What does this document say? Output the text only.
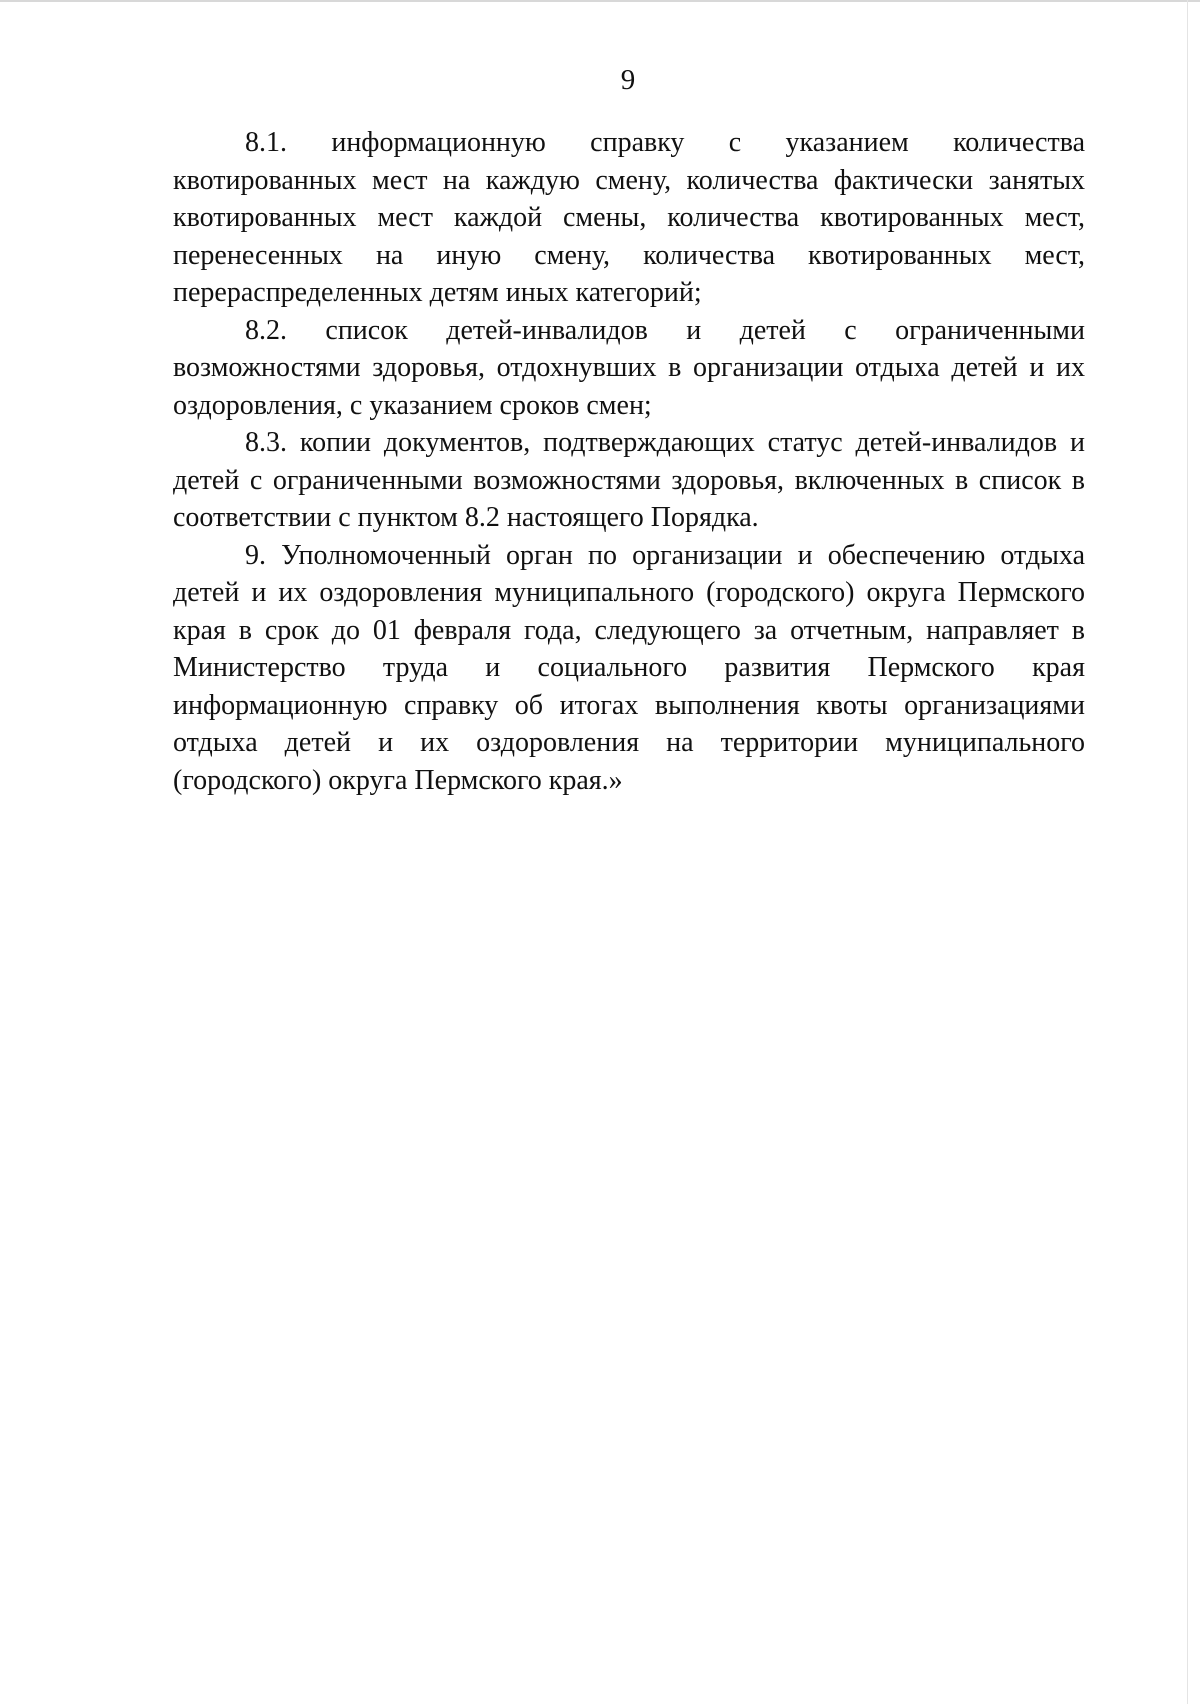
9

8.1. информационную справку с указанием количества квотированных мест на каждую смену, количества фактически занятых квотированных мест каждой смены, количества квотированных мест, перенесенных на иную смену, количества квотированных мест, перераспределенных детям иных категорий;

8.2. список детей-инвалидов и детей с ограниченными возможностями здоровья, отдохнувших в организации отдыха детей и их оздоровления, с указанием сроков смен;

8.3. копии документов, подтверждающих статус детей-инвалидов и детей с ограниченными возможностями здоровья, включенных в список в соответствии с пунктом 8.2 настоящего Порядка.

9. Уполномоченный орган по организации и обеспечению отдыха детей и их оздоровления муниципального (городского) округа Пермского края в срок до 01 февраля года, следующего за отчетным, направляет в Министерство труда и социального развития Пермского края информационную справку об итогах выполнения квоты организациями отдыха детей и их оздоровления на территории муниципального (городского) округа Пермского края.»
